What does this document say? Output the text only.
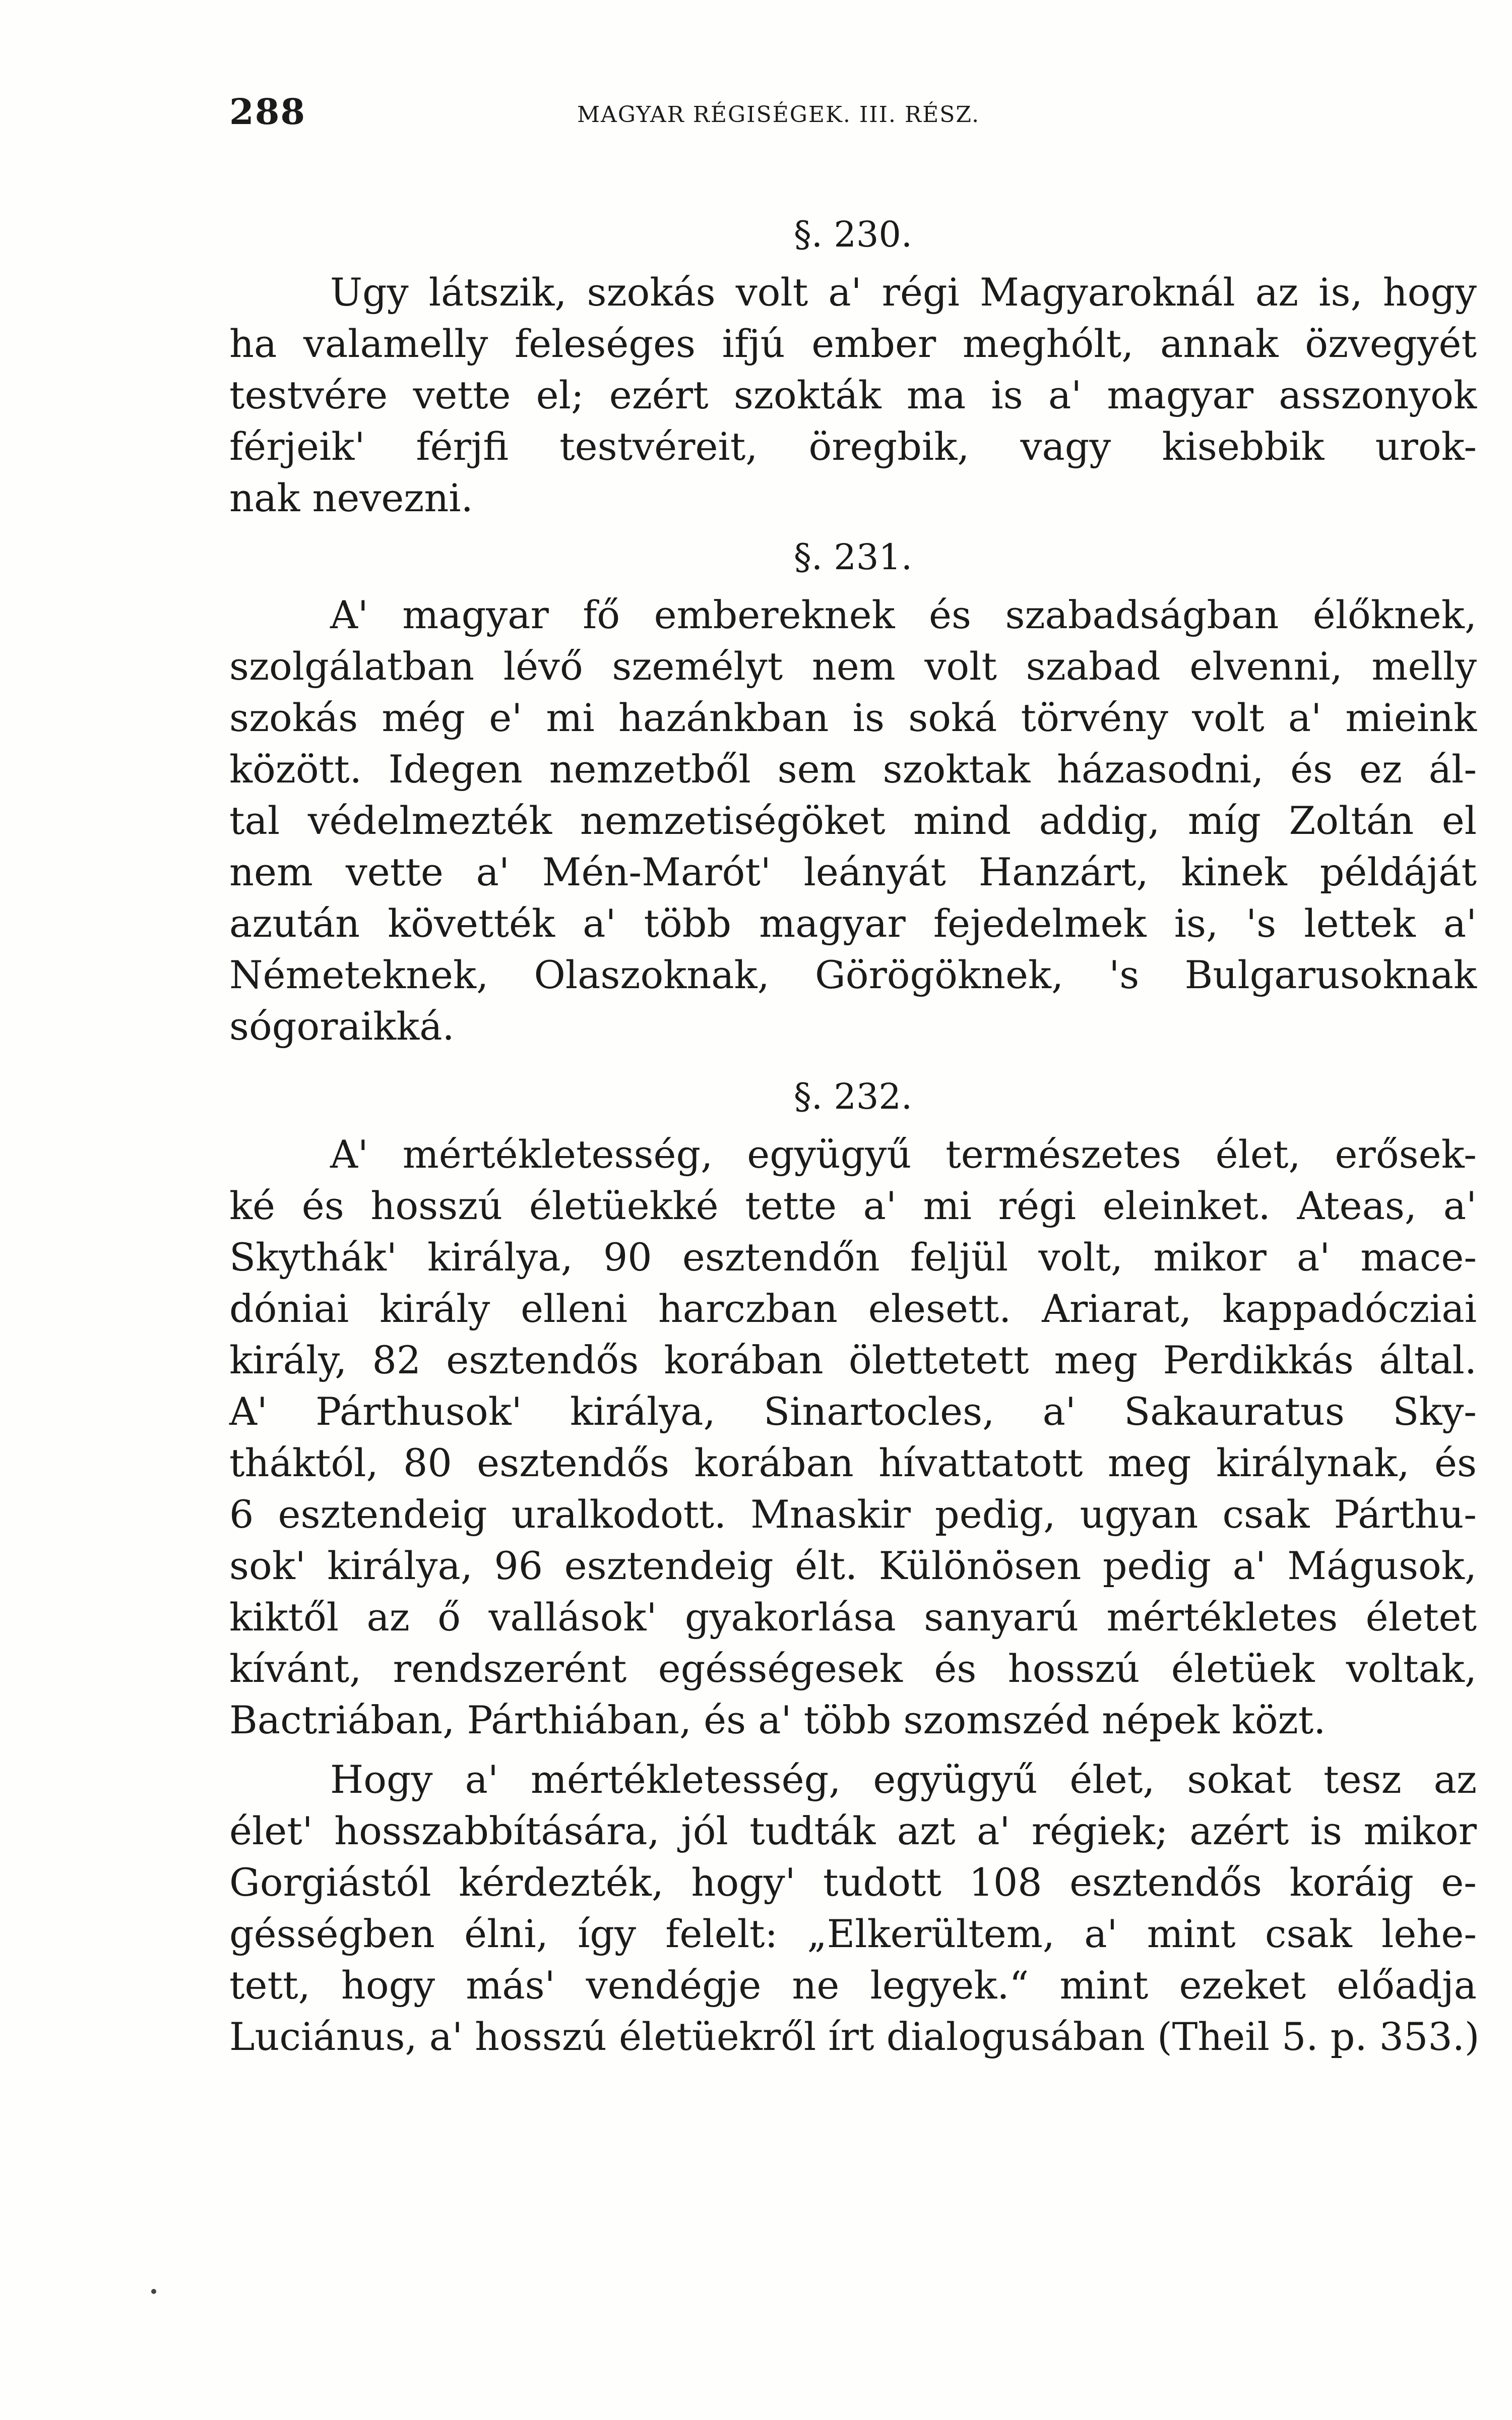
288	MAGYAR RÉGISÉGEK. III. RÉSZ.
§. 230.
Ugy látszik, szokás volt a' régi Magyaroknál az is, hogy
ha valamelly feleséges ifjú ember meghólt, annak özvegyét
testvére vette el; ezért szokták ma is a' magyar asszonyok
férjeik' férjfi testvéreit, öregbik, vagy kisebbik urok-
nak nevezni.
§. 231.
A' magyar fő embereknek és szabadságban élőknek,
szolgálatban lévő személyt nem volt szabad elvenni, melly
szokás még e' mi hazánkban is soká törvény volt a' mieink
között. Idegen nemzetből sem szoktak házasodni, és ez ál-
tal védelmezték nemzetiségöket mind addig, míg Zoltán el
nem vette a' Mén-Marót' leányát Hanzárt, kinek példáját
azután követték a' több magyar fejedelmek is, 's lettek a'
Németeknek, Olaszoknak, Görögöknek, 's Bulgarusoknak
sógoraikká.
§. 232.
A' mértékletesség, együgyű természetes élet, erősek-
ké és hosszú életüekké tette a' mi régi eleinket. Ateas, a'
Skythák' királya, 90 esztendőn feljül volt, mikor a' mace-
dóniai király elleni harczban elesett. Ariarat, kappadócziai
király, 82 esztendős korában ölettetett meg Perdikkás által.
A' Párthusok' királya, Sinartocles, a' Sakauratus Sky-
tháktól, 80 esztendős korában hívattatott meg királynak, és
6 esztendeig uralkodott. Mnaskir pedig, ugyan csak Párthu-
sok' királya, 96 esztendeig élt. Különösen pedig a' Mágusok,
kiktől az ő vallások' gyakorlása sanyarú mértékletes életet
kívánt, rendszerént egésségesek és hosszú életüek voltak,
Bactriában, Párthiában, és a' több szomszéd népek közt.
Hogy a' mértékletesség, együgyű élet, sokat tesz az
élet' hosszabbítására, jól tudták azt a' régiek; azért is mikor
Gorgiástól kérdezték, hogy' tudott 108 esztendős koráig e-
gésségben élni, így felelt: „Elkerültem, a' mint csak lehe-
tett, hogy más' vendégje ne legyek.“ mint ezeket előadja
Luciánus, a' hosszú életüekről írt dialogusában (Theil 5. p. 353.)
